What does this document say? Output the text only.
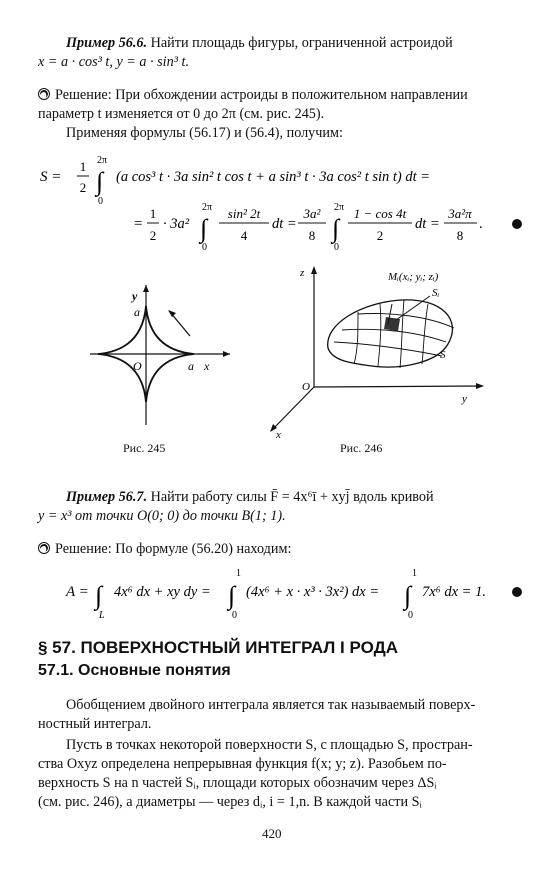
Пример 56.6. Найти площадь фигуры, ограниченной астроидой
x = a · cos³ t, y = a · sin³ t.
Решение: При обхождении астроиды в положительном направлении
параметр t изменяется от 0 до 2π (см. рис. 245).
Применяя формулы (56.17) и (56.4), получим:
S =
1
2
2π
∫
0
(a cos³ t · 3a sin² t cos t + a sin³ t · 3a cos² t sin t) dt =
=
1
2
· 3a²
2π
∫
0
sin² 2t
4
dt =
3a²
8
2π
∫
0
1 − cos 4t
2
dt =
3a²π
8
.
y
a
O	a x
Рис. 245
z
O
y
x
Mᵢ(xᵢ; yᵢ; zᵢ)
Sᵢ
S
Рис. 246
Пример 56.7. Найти работу силы F̄ = 4x⁶ī + xyj̄ вдоль кривой
y = x³ от точки O(0; 0) до точки B(1; 1).
Решение: По формуле (56.20) находим:
A = ∫
L
4x⁶ dx + xy dy =
1
∫
0
(4x⁶ + x · x³ · 3x²) dx =
1
∫
0
7x⁶ dx = 1.
§ 57. ПОВЕРХНОСТНЫЙ ИНТЕГРАЛ I РОДА
57.1. Основные понятия
Обобщением двойного интеграла является так называемый поверх-
ностный интеграл.
Пусть в точках некоторой поверхности S, с площадью S, простран-
ства Oxyz определена непрерывная функция f(x; y; z). Разобьем по-
верхность S на n частей Sᵢ, площади которых обозначим через ΔSᵢ
(см. рис. 246), а диаметры — через dᵢ, i = 1,n. В каждой части Sᵢ
420
